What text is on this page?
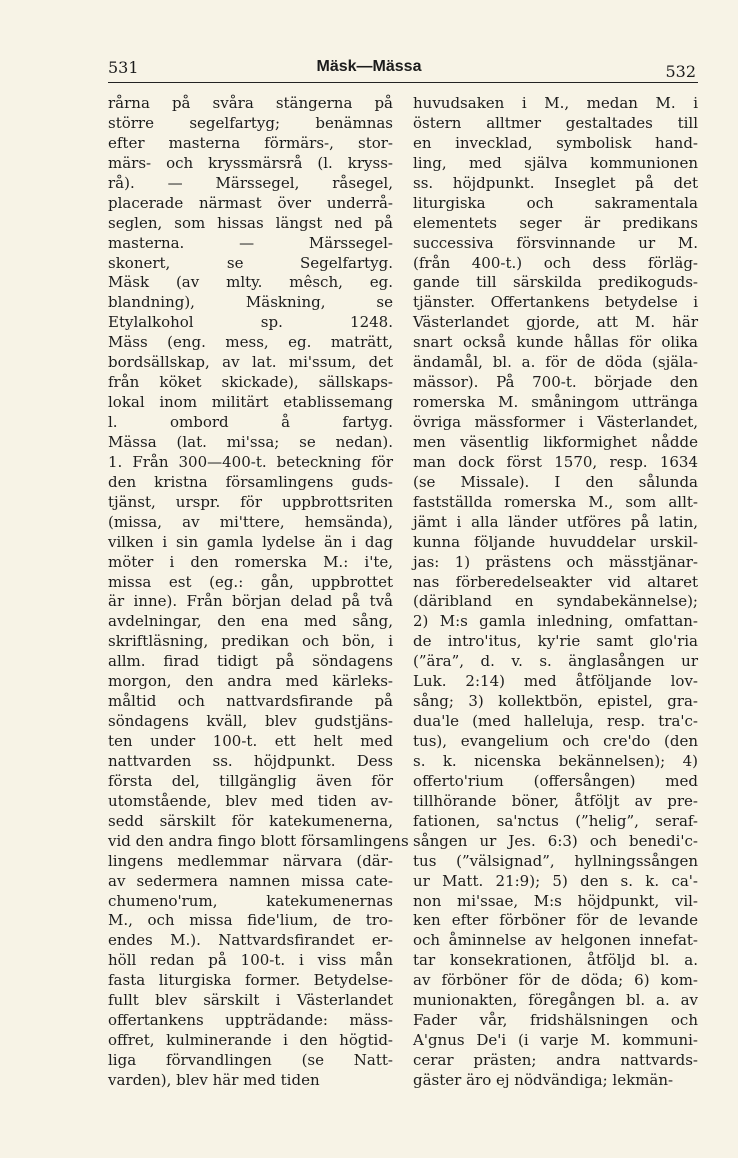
531	Mäsk—Mässa	532
rårna på svåra stängerna på
större segelfartyg; benämnas
efter masterna förmärs-, stor-
märs- och kryssmärsrå (l. kryss-
rå). — Märssegel, råsegel,
placerade närmast över underrå-
seglen, som hissas längst ned på
masterna. — Märssegel-
skonert, se Segelfartyg.
Mäsk (av mlty. mêsch, eg.
blandning), Mäskning, se
Etylalkohol sp. 1248.
Mäss (eng. mess, eg. maträtt,
bordsällskap, av lat. mi'ssum, det
från köket skickade), sällskaps-
lokal inom militärt etablissemang
l. ombord å fartyg.
Mässa (lat. mi'ssa; se nedan).
1. Från 300—400-t. beteckning för
den kristna församlingens guds-
tjänst, urspr. för uppbrottsriten
(missa, av mi'ttere, hemsända),
vilken i sin gamla lydelse än i dag
möter i den romerska M.: i'te,
missa est (eg.: gån, uppbrottet
är inne). Från början delad på två
avdelningar, den ena med sång,
skriftläsning, predikan och bön, i
allm. firad tidigt på söndagens
morgon, den andra med kärleks-
måltid och nattvardsfirande på
söndagens kväll, blev gudstjäns-
ten under 100-t. ett helt med
nattvarden ss. höjdpunkt. Dess
första del, tillgänglig även för
utomstående, blev med tiden av-
sedd särskilt för katekumenerna,
vid den andra fingo blott församlingens
lingens medlemmar närvara (där-
av sedermera namnen missa cate-
chumeno'rum, katekumenernas
M., och missa fide'lium, de tro-
endes M.). Nattvardsfirandet er-
höll redan på 100-t. i viss mån
fasta liturgiska former. Betydelse-
fullt blev särskilt i Västerlandet
offertankens uppträdande: mäss-
offret, kulminerande i den högtid-
liga förvandlingen (se Natt-
varden), blev här med tiden
huvudsaken i M., medan M. i
östern alltmer gestaltades till
en invecklad, symbolisk hand-
ling, med själva kommunionen
ss. höjdpunkt. Inseglet på det
liturgiska och sakramentala
elementets seger är predikans
successiva försvinnande ur M.
(från 400-t.) och dess förläg-
gande till särskilda predikoguds-
tjänster. Offertankens betydelse i
Västerlandet gjorde, att M. här
snart också kunde hållas för olika
ändamål, bl. a. för de döda (själa-
mässor). På 700-t. började den
romerska M. småningom uttränga
övriga mässformer i Västerlandet,
men väsentlig likformighet nådde
man dock först 1570, resp. 1634
(se Missale). I den sålunda
fastställda romerska M., som allt-
jämt i alla länder utföres på latin,
kunna följande huvuddelar urskil-
jas: 1) prästens och mässtjänar-
nas förberedelseakter vid altaret
(däribland en syndabekännelse);
2) M:s gamla inledning, omfattan-
de intro'itus, ky'rie samt glo'ria
(”ära”, d. v. s. änglasången ur
Luk. 2:14) med åtföljande lov-
sång; 3) kollektbön, epistel, gra-
dua'le (med halleluja, resp. tra'c-
tus), evangelium och cre'do (den
s. k. nicenska bekännelsen); 4)
offerto'rium (offersången) med
tillhörande böner, åtföljt av pre-
fationen, sa'nctus (”helig”, seraf-
sången ur Jes. 6:3) och benedi'c-
tus (”välsignad”, hyllningssången
ur Matt. 21:9); 5) den s. k. ca'-
non mi'ssae, M:s höjdpunkt, vil-
ken efter förböner för de levande
och åminnelse av helgonen innefat-
tar konsekrationen, åtföljd bl. a.
av förböner för de döda; 6) kom-
munionakten, föregången bl. a. av
Fader vår, fridshälsningen och
A'gnus De'i (i varje M. kommuni-
cerar prästen; andra nattvards-
gäster äro ej nödvändiga; lekmän-
